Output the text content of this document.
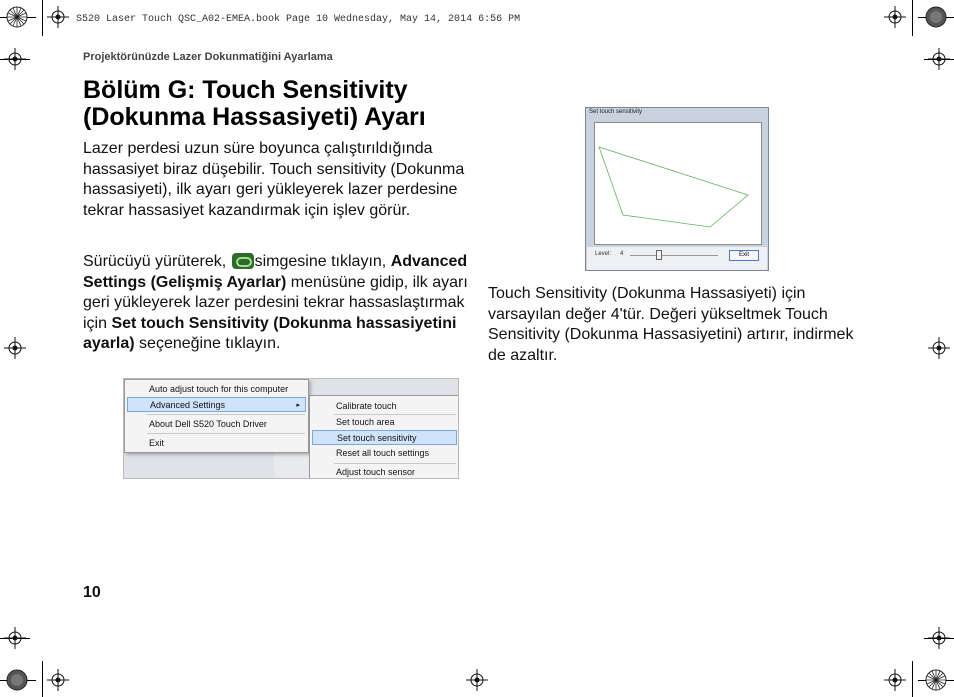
S520 Laser Touch QSC_A02-EMEA.book Page 10 Wednesday, May 14, 2014 6:56 PM
Projektörünüzde Lazer Dokunmatiğini Ayarlama
Bölüm G: Touch Sensitivity
(Dokunma Hassasiyeti) Ayarı

Lazer perdesi uzun süre boyunca çalıştırıldığında hassasiyet biraz düşebilir. Touch sensitivity (Dokunma hassasiyeti), ilk ayarı geri yükleyerek lazer perdesine tekrar hassasiyet kazandırmak için işlev görür.

Sürücüyü yürüterek, simgesine tıklayın, Advanced Settings (Gelişmiş Ayarlar) menüsüne gidip, ilk ayarı geri yükleyerek lazer perdesini tekrar hassaslaştırmak için Set touch Sensitivity (Dokunma hassasiyetini ayarla) seçeneğine tıklayın.

Auto adjust touch for this computer
Advanced Settings	▸
About Dell S520 Touch Driver
Exit
Calibrate touch
Set touch area
Set touch sensitivity
Reset all touch settings
Adjust touch sensor
Set touch sensitivity
Level: 4	Exit

Touch Sensitivity (Dokunma Hassasiyeti) için varsayılan değer 4'tür. Değeri yükseltmek Touch Sensitivity (Dokunma Hassasiyetini) artırır, indirmek de azaltır.

10
